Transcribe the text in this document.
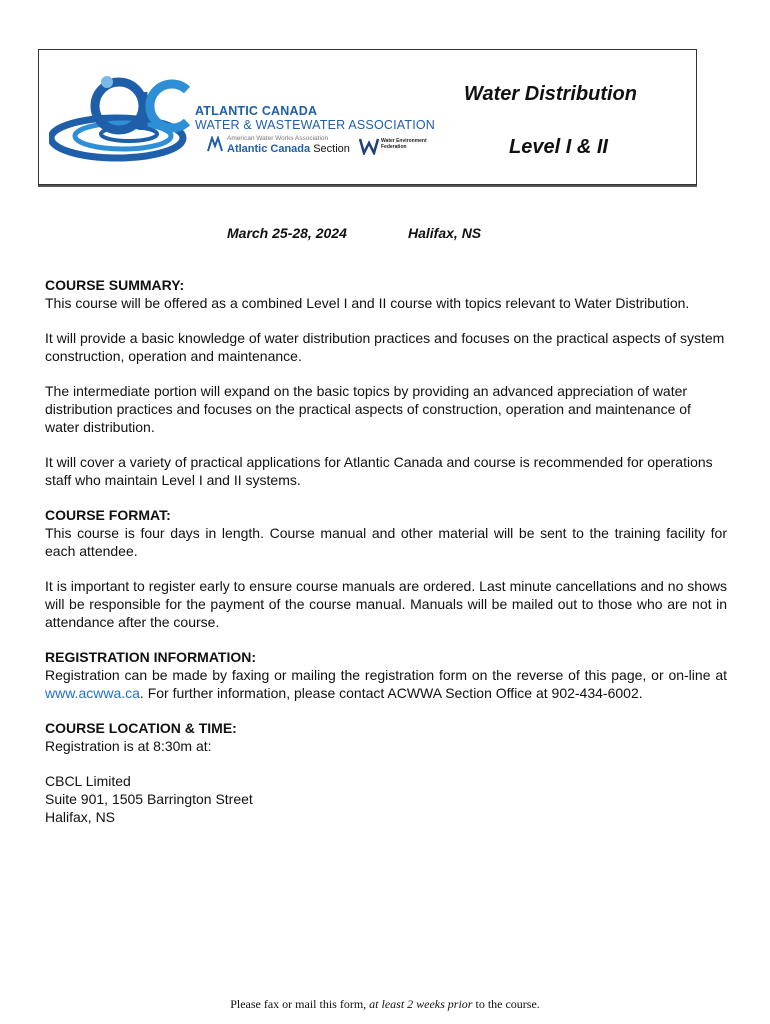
ATLANTIC CANADA
WATER & WASTEWATER ASSOCIATION
American Water Works Association
Atlantic Canada Section
Water Environment Federation
Water Distribution
Level I & II
March 25-28, 2024	Halifax, NS

COURSE SUMMARY:
This course will be offered as a combined Level I and II course with topics relevant to Water Distribution.

It will provide a basic knowledge of water distribution practices and focuses on the practical aspects of system construction, operation and maintenance.

The intermediate portion will expand on the basic topics by providing an advanced appreciation of water distribution practices and focuses on the practical aspects of construction, operation and maintenance of water distribution.

It will cover a variety of practical applications for Atlantic Canada and course is recommended for operations staff who maintain Level I and II systems.

COURSE FORMAT:
This course is four days in length. Course manual and other material will be sent to the training facility for each attendee.

It is important to register early to ensure course manuals are ordered. Last minute cancellations and no shows will be responsible for the payment of the course manual. Manuals will be mailed out to those who are not in attendance after the course.

REGISTRATION INFORMATION:
Registration can be made by faxing or mailing the registration form on the reverse of this page, or on-line at www.acwwa.ca. For further information, please contact ACWWA Section Office at 902-434-6002.

COURSE LOCATION & TIME:
Registration is at 8:30m at:

CBCL Limited
Suite 901, 1505 Barrington Street
Halifax, NS

Please fax or mail this form, at least 2 weeks prior to the course.
